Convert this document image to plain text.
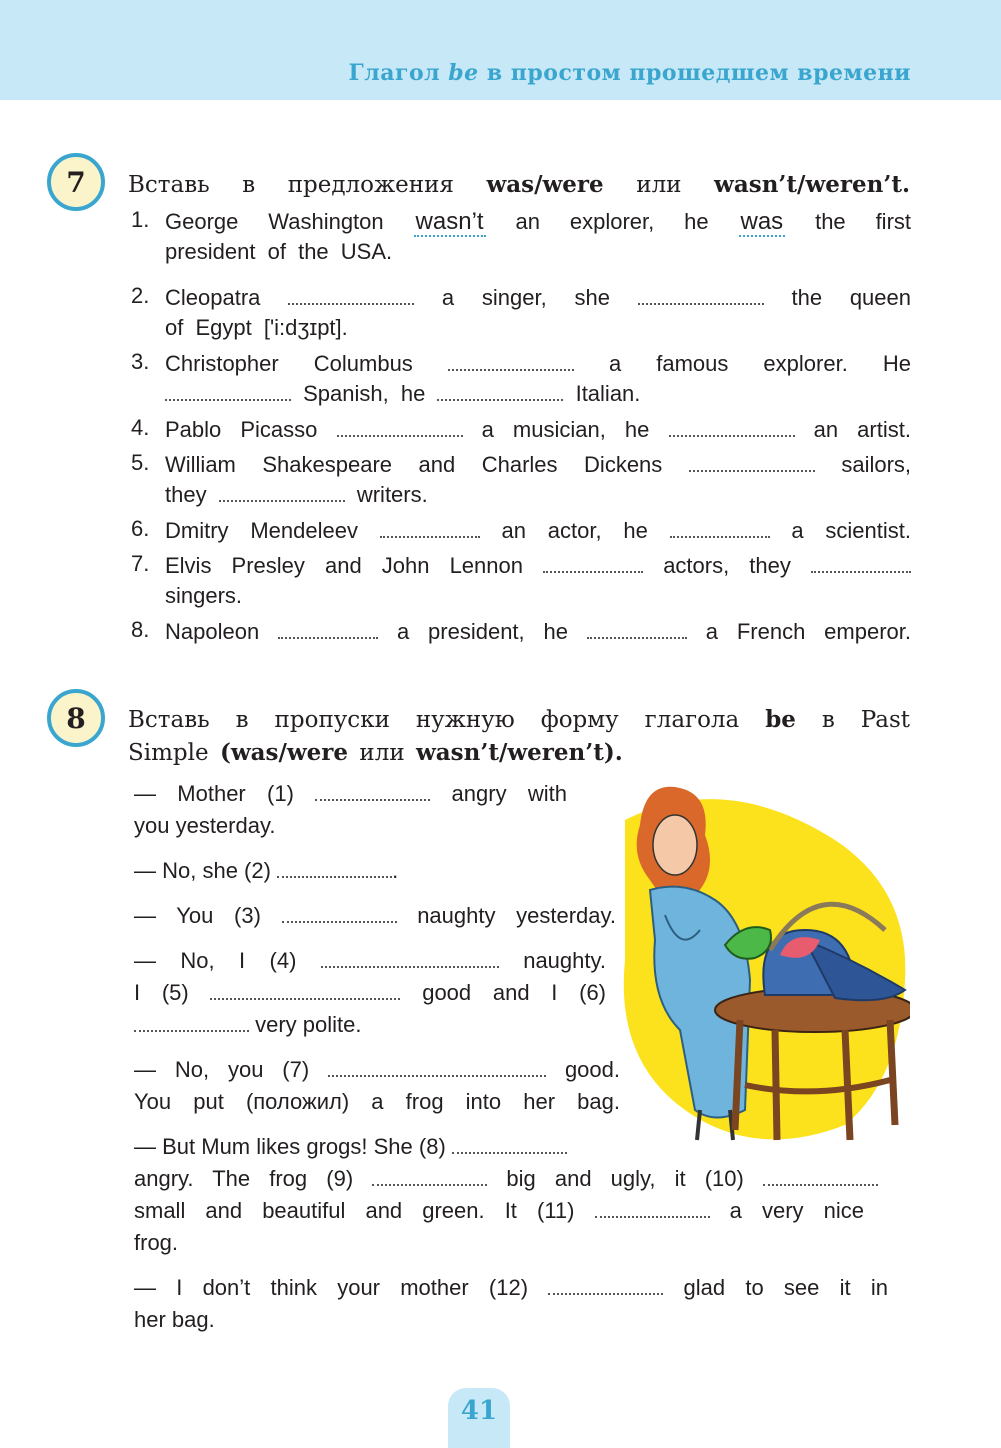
Глагол be в простом прошедшем времени
7 Вставь в предложения was/were или wasn’t/weren’t.
1. George Washington wasn’t an explorer, he was the first
president of the USA.
2. Cleopatra	a singer, she	the queen
of Egypt ['i:dʒɪpt].
3. Christopher Columbus	a famous explorer. He
Spanish, he	Italian.
4. Pablo Picasso	a musician, he	an artist.
5. William Shakespeare and Charles Dickens	sailors,
they	writers.
6. Dmitry Mendeleev	an actor, he	a scientist.
7. Elvis Presley and John Lennon	actors, they
singers.
8. Napoleon	a president, he	a French emperor.
8 Вставь в пропуски нужную форму глагола be в Past
Simple (was/were или wasn’t/weren’t).
— Mother (1)	angry with
you yesterday.
— No, she (2)	.
— You (3)	naughty yesterday.
— No, I (4)	naughty.
I (5)	good and I (6)
very polite.
— No, you (7)	good.
You put (положил) a frog into her bag.
— But Mum likes grogs! She (8)
angry. The frog (9)	big and ugly, it (10)
small and beautiful and green. It (11)	a very nice
frog.
— I don’t think your mother (12)	glad to see it in
her bag.
41
